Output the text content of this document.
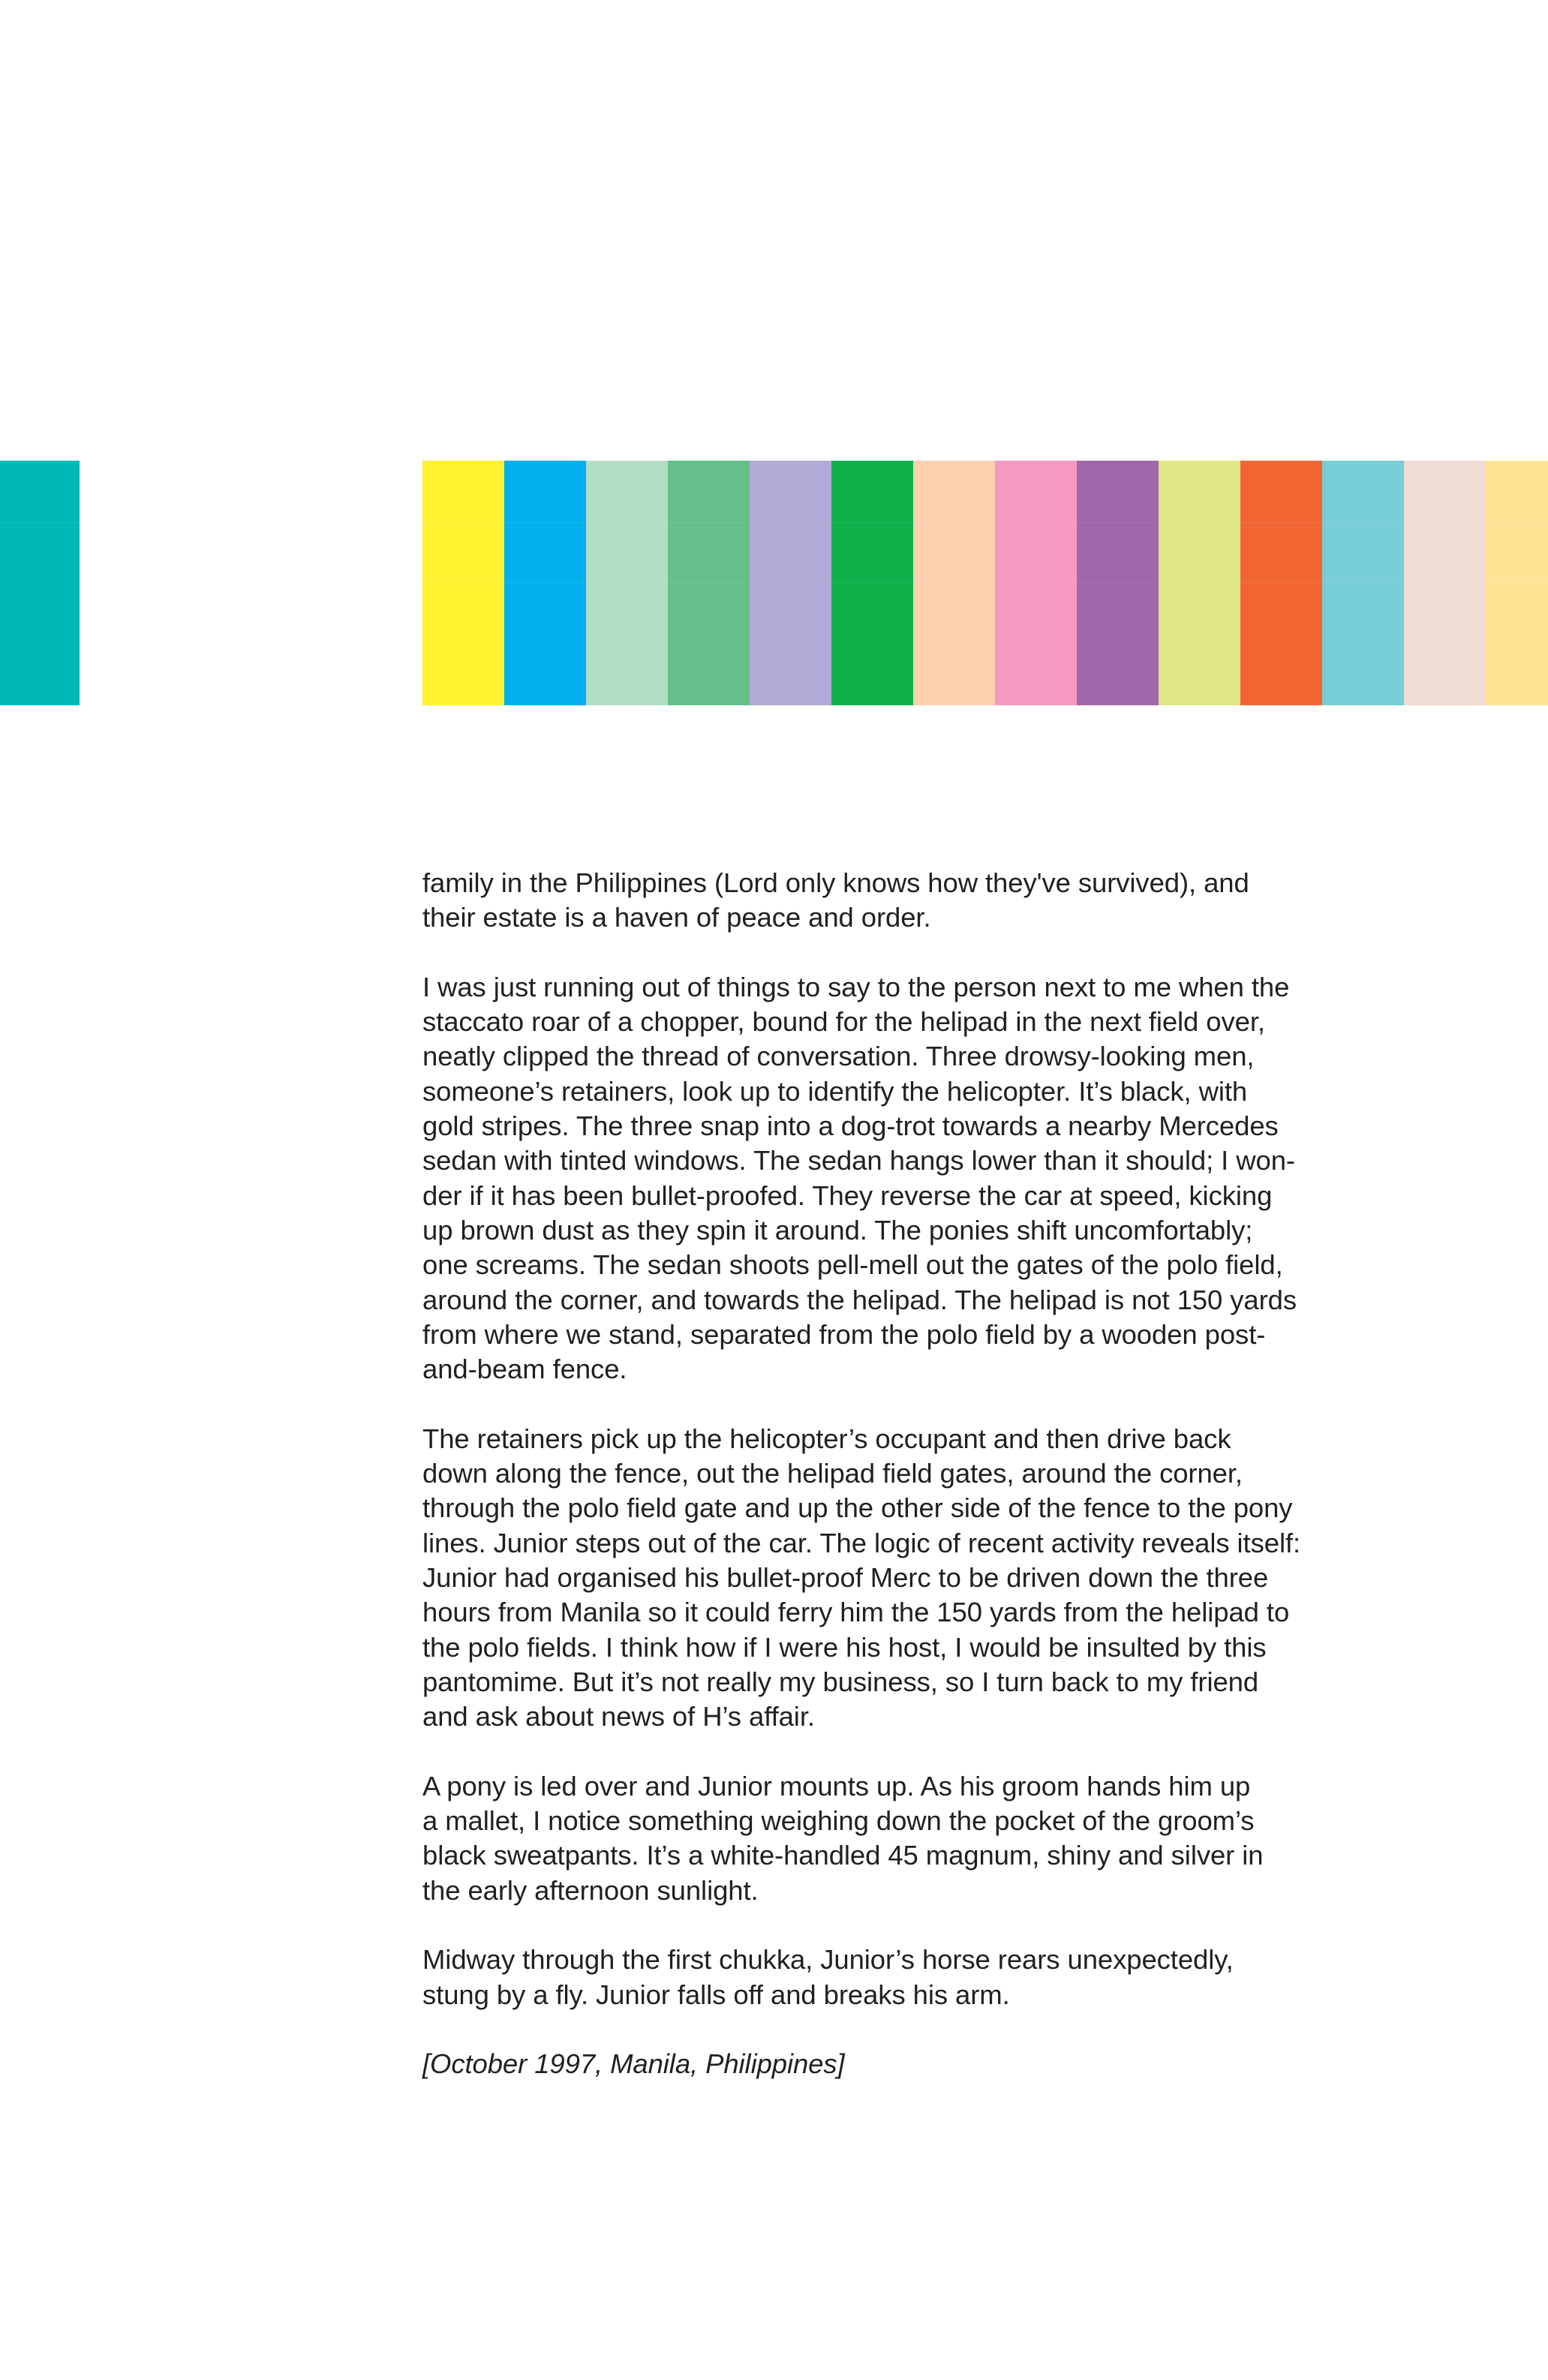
family in the Philippines (Lord only knows how they've survived), and
their estate is a haven of peace and order.

I was just running out of things to say to the person next to me when the
staccato roar of a chopper, bound for the helipad in the next field over,
neatly clipped the thread of conversation. Three drowsy-looking men,
someone’s retainers, look up to identify the helicopter. It’s black, with
gold stripes. The three snap into a dog-trot towards a nearby Mercedes
sedan with tinted windows. The sedan hangs lower than it should; I won-
der if it has been bullet-proofed. They reverse the car at speed, kicking
up brown dust as they spin it around. The ponies shift uncomfortably;
one screams. The sedan shoots pell-mell out the gates of the polo field,
around the corner, and towards the helipad. The helipad is not 150 yards
from where we stand, separated from the polo field by a wooden post-
and-beam fence.

The retainers pick up the helicopter’s occupant and then drive back
down along the fence, out the helipad field gates, around the corner,
through the polo field gate and up the other side of the fence to the pony
lines. Junior steps out of the car. The logic of recent activity reveals itself:
Junior had organised his bullet-proof Merc to be driven down the three
hours from Manila so it could ferry him the 150 yards from the helipad to
the polo fields. I think how if I were his host, I would be insulted by this
pantomime. But it’s not really my business, so I turn back to my friend
and ask about news of H’s affair.

A pony is led over and Junior mounts up. As his groom hands him up
a mallet, I notice something weighing down the pocket of the groom’s
black sweatpants. It’s a white-handled 45 magnum, shiny and silver in
the early afternoon sunlight.

Midway through the first chukka, Junior’s horse rears unexpectedly,
stung by a fly. Junior falls off and breaks his arm.

[October 1997, Manila, Philippines]
